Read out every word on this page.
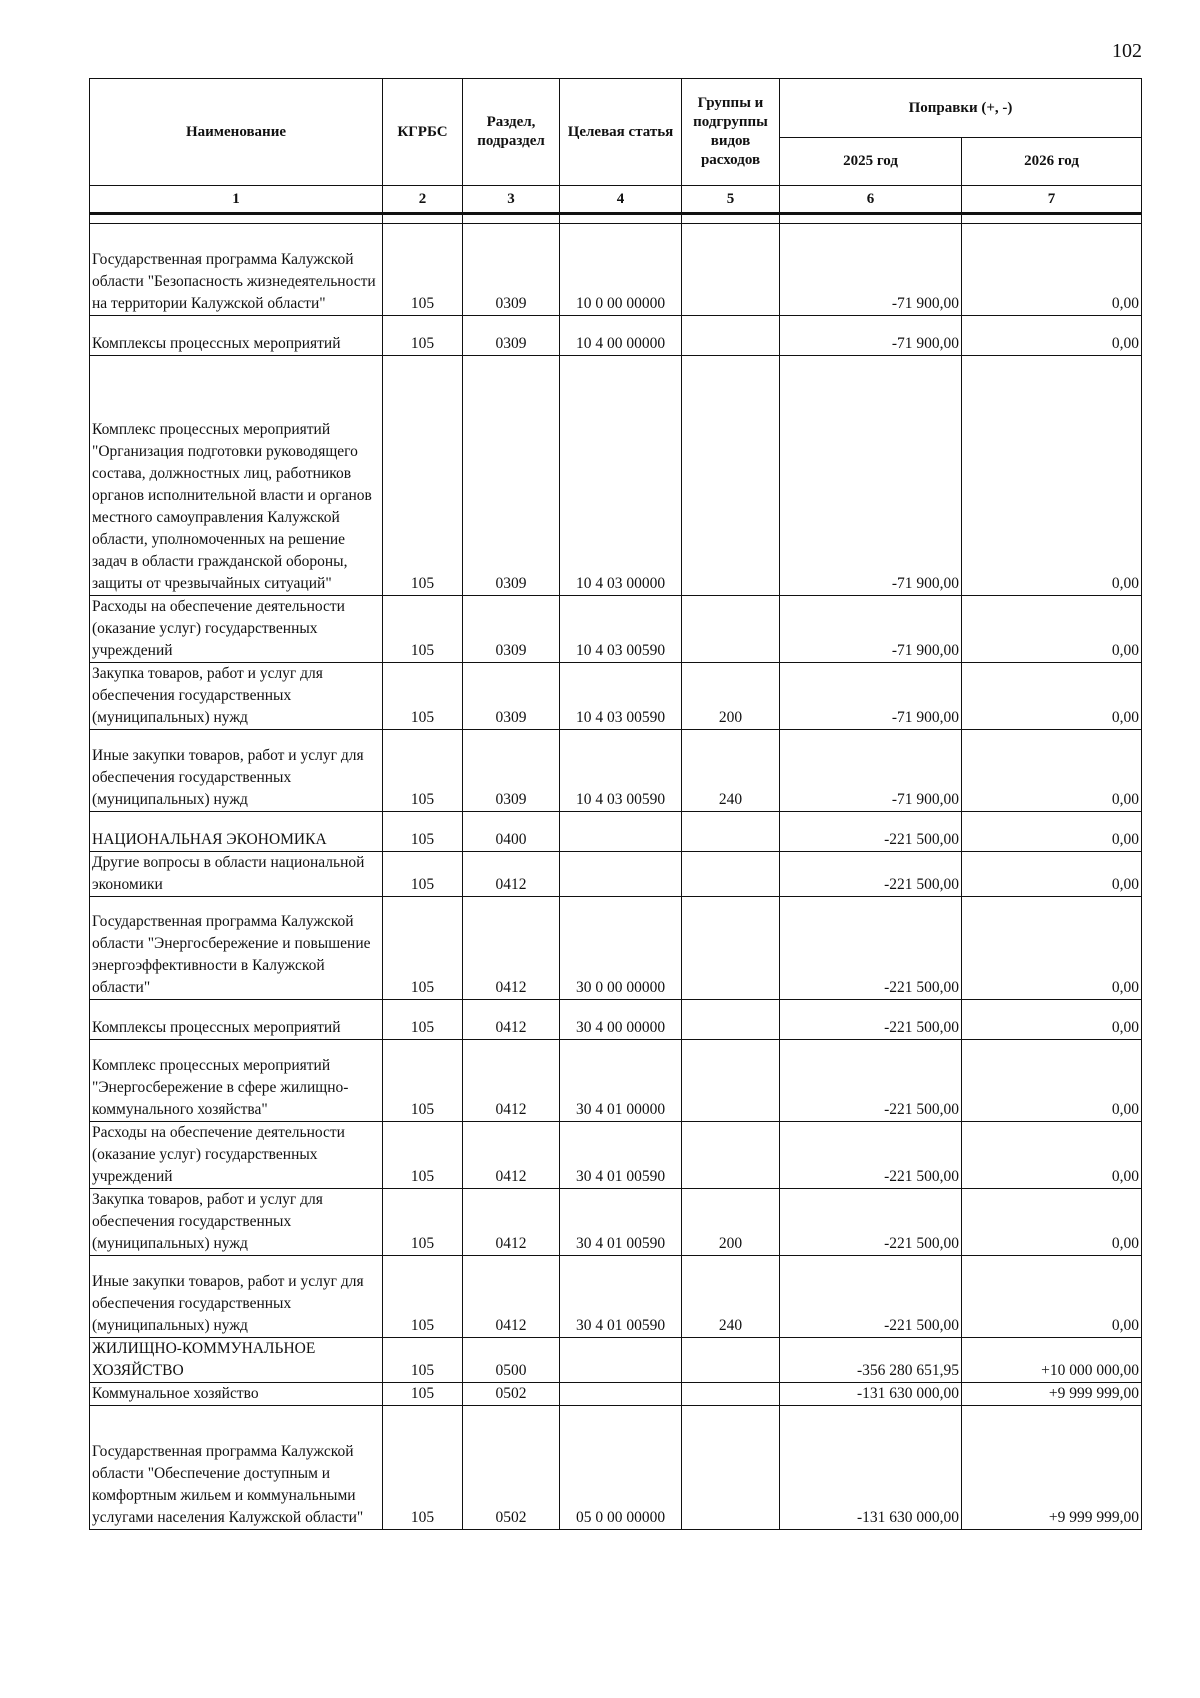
102
Наименование	КГРБС	Раздел, подраздел	Целевая статья	Группы и подгруппы видов расходов	Поправки (+, -)	
					2025 год	2026 год
1	2	3	4	5	6	7

Государственная программа Калужской области "Безопасность жизнедеятельности на территории Калужской области"	105	0309	10 0 00 00000		-71 900,00	0,00
Комплексы процессных мероприятий	105	0309	10 4 00 00000		-71 900,00	0,00
Комплекс процессных мероприятий "Организация подготовки руководящего состава, должностных лиц, работников органов исполнительной власти и органов местного самоуправления Калужской области, уполномоченных на решение задач в области гражданской обороны, защиты от чрезвычайных ситуаций"	105	0309	10 4 03 00000		-71 900,00	0,00
Расходы на обеспечение деятельности (оказание услуг) государственных учреждений	105	0309	10 4 03 00590		-71 900,00	0,00
Закупка товаров, работ и услуг для обеспечения государственных (муниципальных) нужд	105	0309	10 4 03 00590	200	-71 900,00	0,00
Иные закупки товаров, работ и услуг для обеспечения государственных (муниципальных) нужд	105	0309	10 4 03 00590	240	-71 900,00	0,00
НАЦИОНАЛЬНАЯ ЭКОНОМИКА	105	0400			-221 500,00	0,00
Другие вопросы в области национальной экономики	105	0412			-221 500,00	0,00
Государственная программа Калужской области "Энергосбережение и повышение энергоэффективности в Калужской области"	105	0412	30 0 00 00000		-221 500,00	0,00
Комплексы процессных мероприятий	105	0412	30 4 00 00000		-221 500,00	0,00
Комплекс процессных мероприятий "Энергосбережение в сфере жилищно-коммунального хозяйства"	105	0412	30 4 01 00000		-221 500,00	0,00
Расходы на обеспечение деятельности (оказание услуг) государственных учреждений	105	0412	30 4 01 00590		-221 500,00	0,00
Закупка товаров, работ и услуг для обеспечения государственных (муниципальных) нужд	105	0412	30 4 01 00590	200	-221 500,00	0,00
Иные закупки товаров, работ и услуг для обеспечения государственных (муниципальных) нужд	105	0412	30 4 01 00590	240	-221 500,00	0,00
ЖИЛИЩНО-КОММУНАЛЬНОЕ ХОЗЯЙСТВО	105	0500			-356 280 651,95	+10 000 000,00
Коммунальное хозяйство	105	0502			-131 630 000,00	+9 999 999,00
Государственная программа Калужской области "Обеспечение доступным и комфортным жильем и коммунальными услугами населения Калужской области"	105	0502	05 0 00 00000		-131 630 000,00	+9 999 999,00
